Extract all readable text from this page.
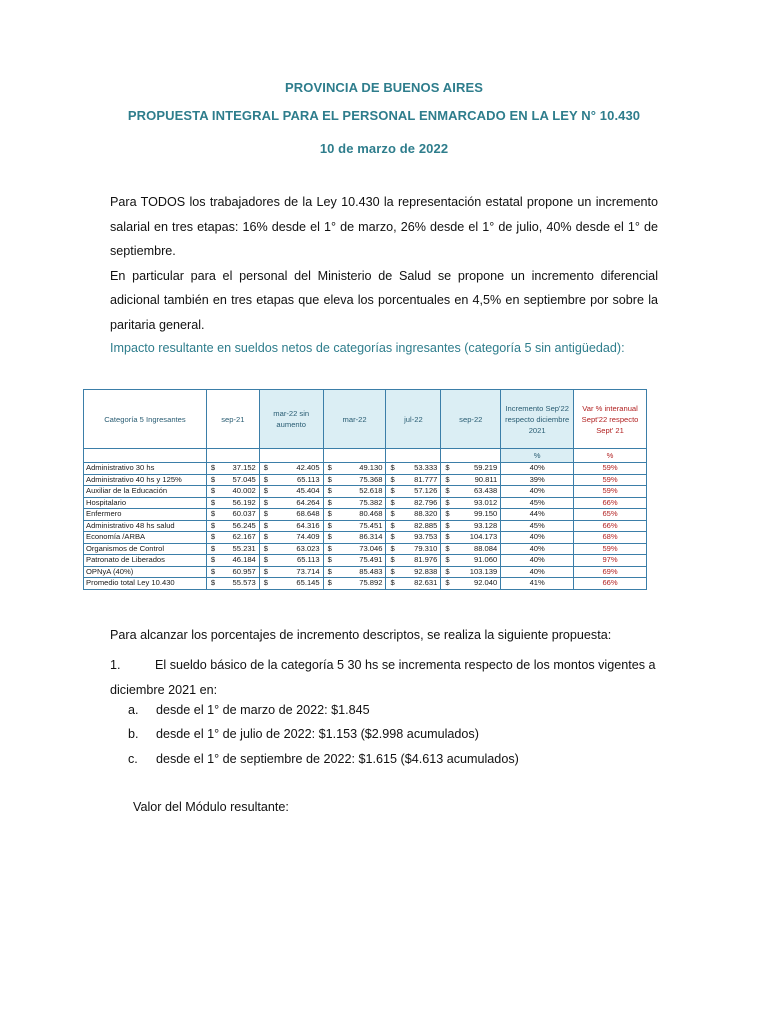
PROVINCIA DE BUENOS AIRES
PROPUESTA INTEGRAL PARA EL PERSONAL ENMARCADO EN LA LEY N° 10.430
10 de marzo de 2022

Para TODOS los trabajadores de la Ley 10.430 la representación estatal propone un incremento salarial en tres etapas: 16% desde el 1° de marzo, 26% desde el 1° de julio, 40% desde el 1° de septiembre.

En particular para el personal del Ministerio de Salud se propone un incremento diferencial adicional también en tres etapas que eleva los porcentuales en 4,5% en septiembre por sobre la paritaria general.

Impacto resultante en sueldos netos de categorías ingresantes (categoría 5 sin antigüedad):
Categoría 5 Ingresantes	sep-21	mar-22 sin aumento	mar-22	jul-22	sep-22	Incremento Sep'22 respecto diciembre 2021	Var % interanual Sept'22 respecto Sept' 21
						%	%
Administrativo 30 hs	$ 37.152	$ 42.405	$ 49.130	$ 53.333	$ 59.219	40%	59%
Administrativo 40 hs y 125%	$ 57.045	$ 65.113	$ 75.368	$ 81.777	$ 90.811	39%	59%
Auxiliar de la Educación	$ 40.002	$ 45.404	$ 52.618	$ 57.126	$ 63.438	40%	59%
Hospitalario	$ 56.192	$ 64.264	$ 75.382	$ 82.796	$ 93.012	45%	66%
Enfermero	$ 60.037	$ 68.648	$ 80.468	$ 88.320	$ 99.150	44%	65%
Administrativo 48 hs salud	$ 56.245	$ 64.316	$ 75.451	$ 82.885	$ 93.128	45%	66%
Economía /ARBA	$ 62.167	$ 74.409	$ 86.314	$ 93.753	$ 104.173	40%	68%
Organismos de Control	$ 55.231	$ 63.023	$ 73.046	$ 79.310	$ 88.084	40%	59%
Patronato de Liberados	$ 46.184	$ 65.113	$ 75.491	$ 81.976	$ 91.060	40%	97%
OPNyA (40%)	$ 60.957	$ 73.714	$ 85.483	$ 92.838	$ 103.139	40%	69%
Promedio total Ley 10.430	$ 55.573	$ 65.145	$ 75.892	$ 82.631	$ 92.040	41%	66%
Para alcanzar los porcentajes de incremento descriptos, se realiza la siguiente propuesta:
1.	El sueldo básico de la categoría 5 30 hs se incrementa respecto de los montos vigentes a diciembre 2021 en:
a. desde el 1° de marzo de 2022: $1.845
b. desde el 1° de julio de 2022: $1.153 ($2.998 acumulados)
c. desde el 1° de septiembre de 2022: $1.615 ($4.613 acumulados)
Valor del Módulo resultante:
